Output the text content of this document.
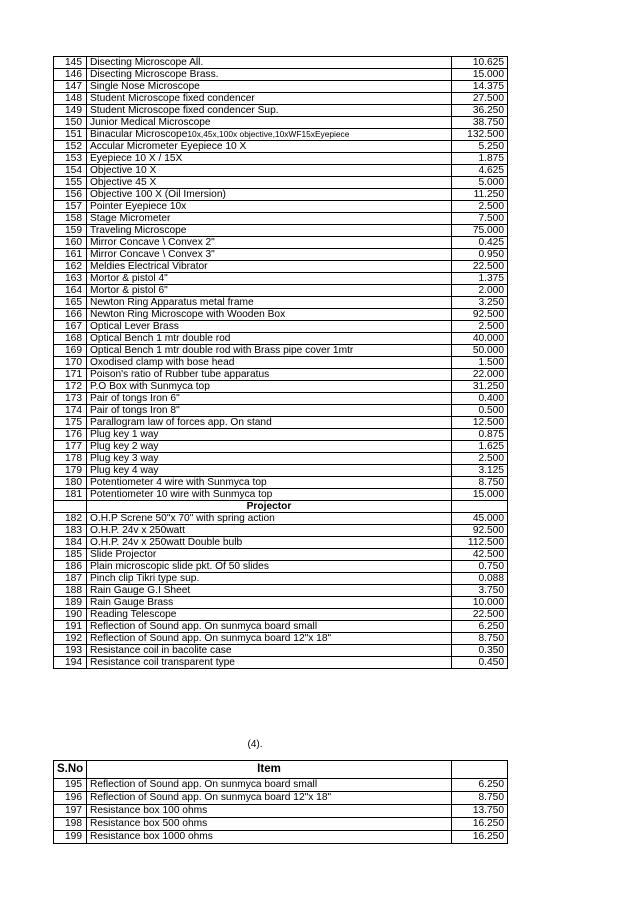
145	Disecting Microscope All.	10.625
146	Disecting Microscope Brass.	15.000
147	Single Nose Microscope	14.375
148	Student Microscope fixed condencer	27.500
149	Student Microscope fixed condencer Sup.	36.250
150	Junior Medical Microscope	38.750
151	Binacular Microscope10x,45x,100x objective,10xWF15xEyepiece	132.500
152	Accular Micrometer Eyepiece 10 X	5.250
153	Eyepiece 10 X / 15X	1.875
154	Objective 10 X	4.625
155	Objective 45 X	5.000
156	Objective 100 X (Oil Imersion)	11.250
157	Pointer Eyepiece 10x	2.500
158	Stage Micrometer	7.500
159	Traveling Microscope	75.000
160	Mirror Concave \ Convex 2"	0.425
161	Mirror Concave \ Convex 3"	0.950
162	Meldies Electrical Vibrator	22.500
163	Mortor & pistol 4"	1.375
164	Mortor & pistol 6"	2.000
165	Newton Ring Apparatus metal frame	3.250
166	Newton Ring Microscope with Wooden Box	92.500
167	Optical Lever Brass	2.500
168	Optical Bench 1 mtr double rod	40.000
169	Optical Bench 1 mtr double rod with Brass pipe cover 1mtr	50.000
170	Oxodised clamp with bose head	1.500
171	Poison's ratio of Rubber tube apparatus	22.000
172	P.O Box with Sunmyca top	31.250
173	Pair of tongs Iron 6"	0.400
174	Pair of tongs Iron 8"	0.500
175	Parallogram law of forces app. On stand	12.500
176	Plug key 1 way	0.875
177	Plug key 2 way	1.625
178	Plug key 3 way	2.500
179	Plug key 4 way	3.125
180	Potentiometer 4 wire with Sunmyca top	8.750
181	Potentiometer 10 wire with Sunmyca top	15.000
	Projector	
182	O.H.P Screne 50"x 70" with spring action	45.000
183	O.H.P. 24v x 250watt	92.500
184	O.H.P. 24v x 250watt Double bulb	112.500
185	Slide Projector	42.500
186	Plain microscopic slide pkt. Of 50 slides	0.750
187	Pinch clip Tikri type sup.	0.088
188	Rain Gauge G.I Sheet	3.750
189	Rain Gauge Brass	10.000
190	Reading Telescope	22.500
191	Reflection of Sound app. On sunmyca board small	6.250
192	Reflection of Sound app. On sunmyca board 12"x 18"	8.750
193	Resistance coil in bacolite case	0.350
194	Resistance coil transparent type	0.450
(4).
S.No	Item	
195	Reflection of Sound app. On sunmyca board small	6.250
196	Reflection of Sound app. On sunmyca board 12"x 18"	8.750
197	Resistance box 100 ohms	13.750
198	Resistance box 500 ohms	16.250
199	Resistance box 1000 ohms	16.250
